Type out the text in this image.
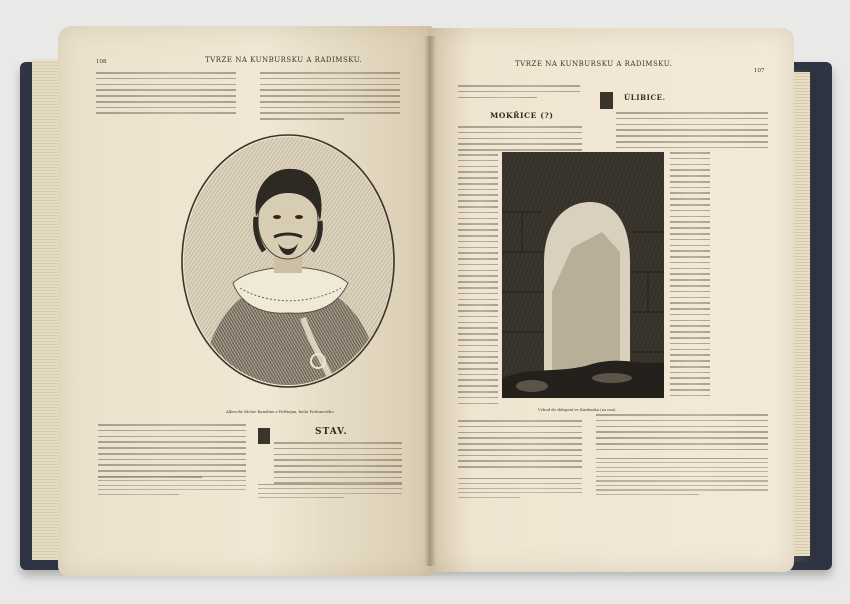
108	TVRZE NA KUNBURSKU A RADIMSKU.
Albrecht Václav Kunebne z Felštejna, heilu Prefonového.
STAV.
TVRZE NA KUNBURSKU A RADIMSKU.
107
MOKŘICE (?)
Vchod do sklepení ve Kunburku (za run).
ÚLIBICE.
